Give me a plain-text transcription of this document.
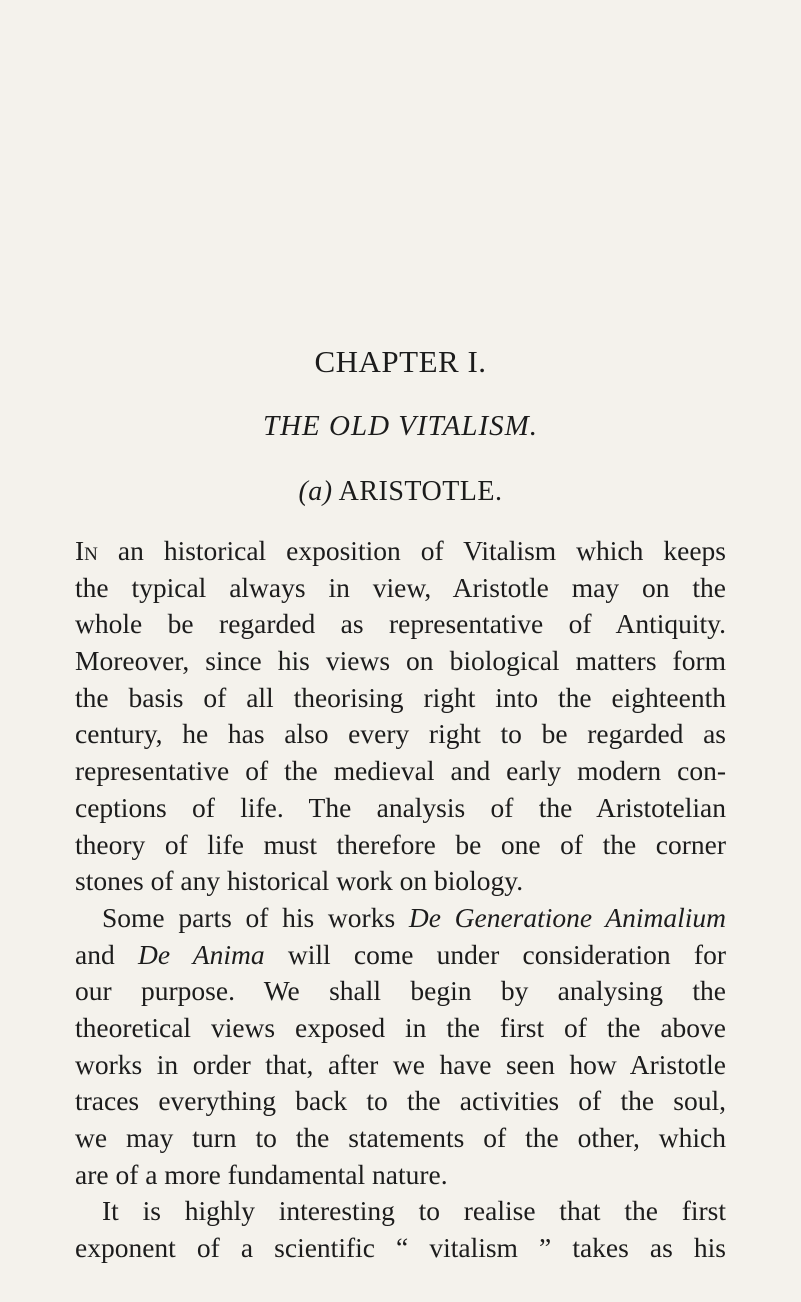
CHAPTER I.
THE OLD VITALISM.
(a) ARISTOTLE.
In an historical exposition of Vitalism which keeps
the typical always in view, Aristotle may on the
whole be regarded as representative of Antiquity.
Moreover, since his views on biological matters form
the basis of all theorising right into the eighteenth
century, he has also every right to be regarded as
representative of the medieval and early modern con-
ceptions of life. The analysis of the Aristotelian
theory of life must therefore be one of the corner
stones of any historical work on biology.
Some parts of his works De Generatione Animalium
and De Anima will come under consideration for
our purpose. We shall begin by analysing the
theoretical views exposed in the first of the above
works in order that, after we have seen how Aristotle
traces everything back to the activities of the soul,
we may turn to the statements of the other, which
are of a more fundamental nature.
It is highly interesting to realise that the first
exponent of a scientific “ vitalism ” takes as his
